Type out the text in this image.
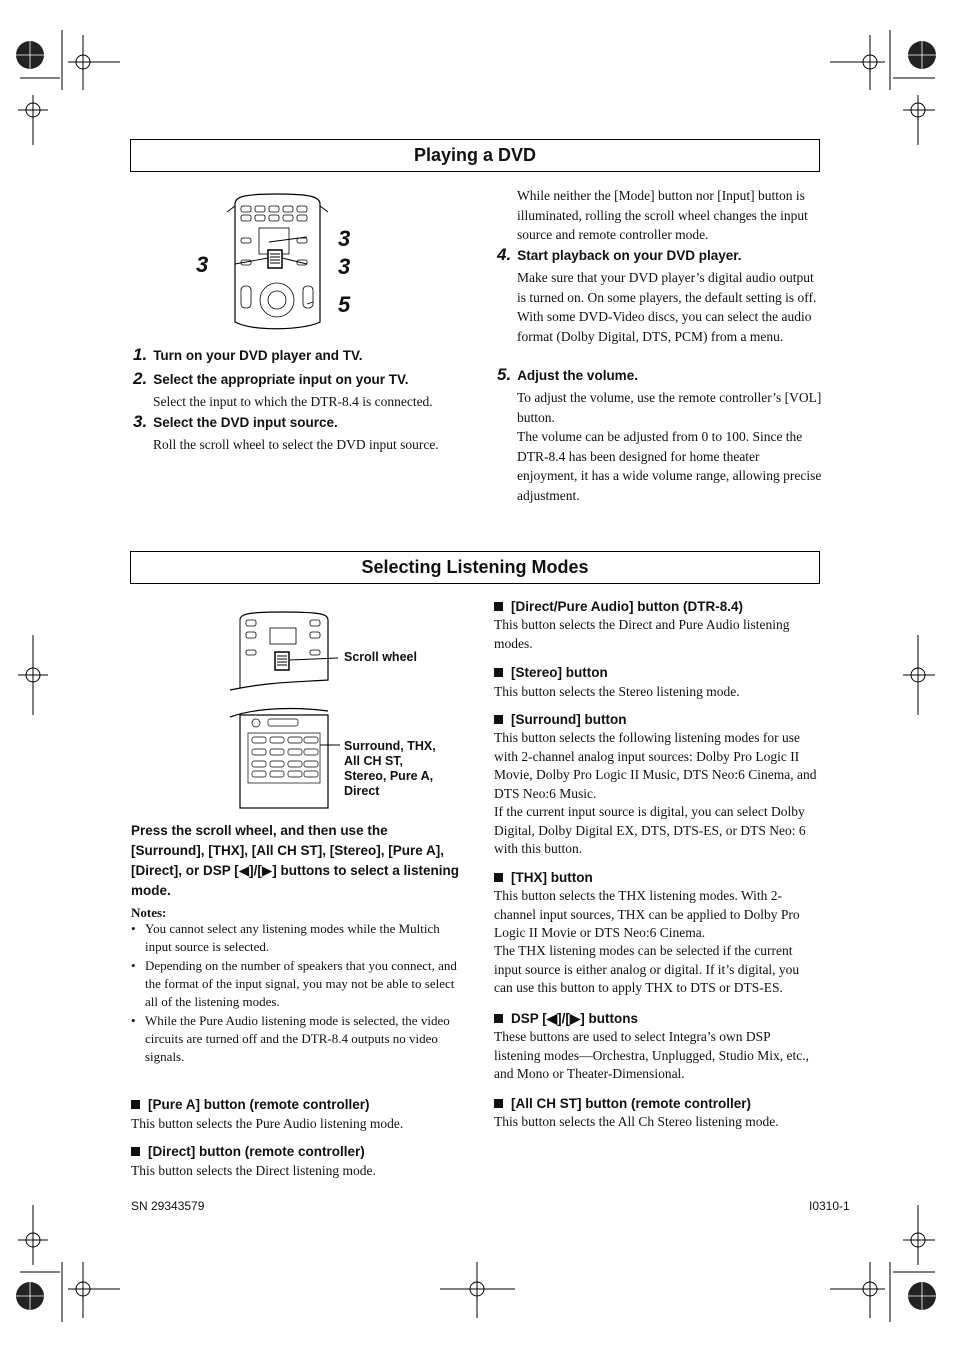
Playing a DVD
3
3	3
5
1. Turn on your DVD player and TV.
2. Select the appropriate input on your TV.
Select the input to which the DTR-8.4 is connected.
3. Select the DVD input source.
Roll the scroll wheel to select the DVD input source.
While neither the [Mode] button nor [Input] button is illuminated, rolling the scroll wheel changes the input source and remote controller mode.
4. Start playback on your DVD player.
Make sure that your DVD player’s digital audio output is turned on. On some players, the default setting is off. With some DVD-Video discs, you can select the audio format (Dolby Digital, DTS, PCM) from a menu.
5. Adjust the volume.
To adjust the volume, use the remote controller’s [VOL] button.
The volume can be adjusted from 0 to 100. Since the DTR-8.4 has been designed for home theater enjoyment, it has a wide volume range, allowing precise adjustment.
Selecting Listening Modes
Scroll wheel
Surround, THX, All CH ST, Stereo, Pure A, Direct
Press the scroll wheel, and then use the [Surround], [THX], [All CH ST], [Stereo], [Pure A], [Direct], or DSP [◀]/[▶] buttons to select a listening mode.
Notes:
• You cannot select any listening modes while the Multich input source is selected.
• Depending on the number of speakers that you connect, and the format of the input signal, you may not be able to select all of the listening modes.
• While the Pure Audio listening mode is selected, the video circuits are turned off and the DTR-8.4 outputs no video signals.
[Pure A] button (remote controller)
This button selects the Pure Audio listening mode.
[Direct] button (remote controller)
This button selects the Direct listening mode.
[Direct/Pure Audio] button (DTR-8.4)
This button selects the Direct and Pure Audio listening modes.
[Stereo] button
This button selects the Stereo listening mode.
[Surround] button
This button selects the following listening modes for use with 2-channel analog input sources: Dolby Pro Logic II Movie, Dolby Pro Logic II Music, DTS Neo:6 Cinema, and DTS Neo:6 Music.
If the current input source is digital, you can select Dolby Digital, Dolby Digital EX, DTS, DTS-ES, or DTS Neo: 6 with this button.
[THX] button
This button selects the THX listening modes. With 2-channel input sources, THX can be applied to Dolby Pro Logic II Movie or DTS Neo:6 Cinema.
The THX listening modes can be selected if the current input source is either analog or digital. If it’s digital, you can use this button to apply THX to DTS or DTS-ES.
DSP [◀]/[▶] buttons
These buttons are used to select Integra’s own DSP listening modes—Orchestra, Unplugged, Studio Mix, etc., and Mono or Theater-Dimensional.
[All CH ST] button (remote controller)
This button selects the All Ch Stereo listening mode.
SN 29343579	I0310-1
